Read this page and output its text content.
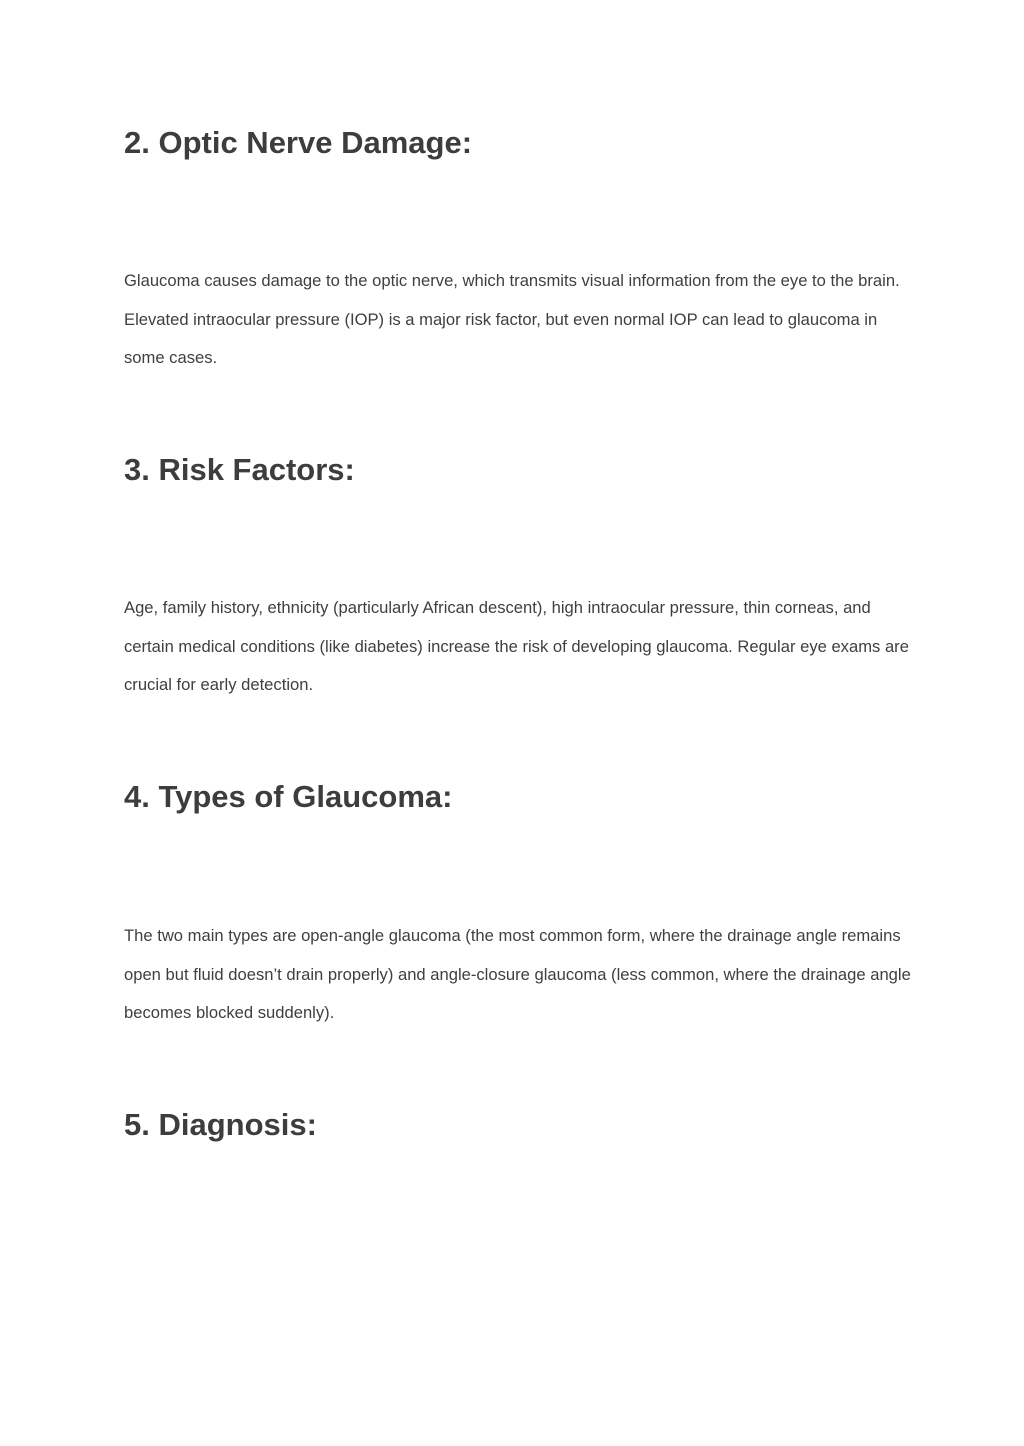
2. Optic Nerve Damage:

Glaucoma causes damage to the optic nerve, which transmits visual information from the eye to the brain. Elevated intraocular pressure (IOP) is a major risk factor, but even normal IOP can lead to glaucoma in some cases.

3. Risk Factors:

Age, family history, ethnicity (particularly African descent), high intraocular pressure, thin corneas, and certain medical conditions (like diabetes) increase the risk of developing glaucoma. Regular eye exams are crucial for early detection.

4. Types of Glaucoma:

The two main types are open-angle glaucoma (the most common form, where the drainage angle remains open but fluid doesn’t drain properly) and angle-closure glaucoma (less common, where the drainage angle becomes blocked suddenly).

5. Diagnosis:
